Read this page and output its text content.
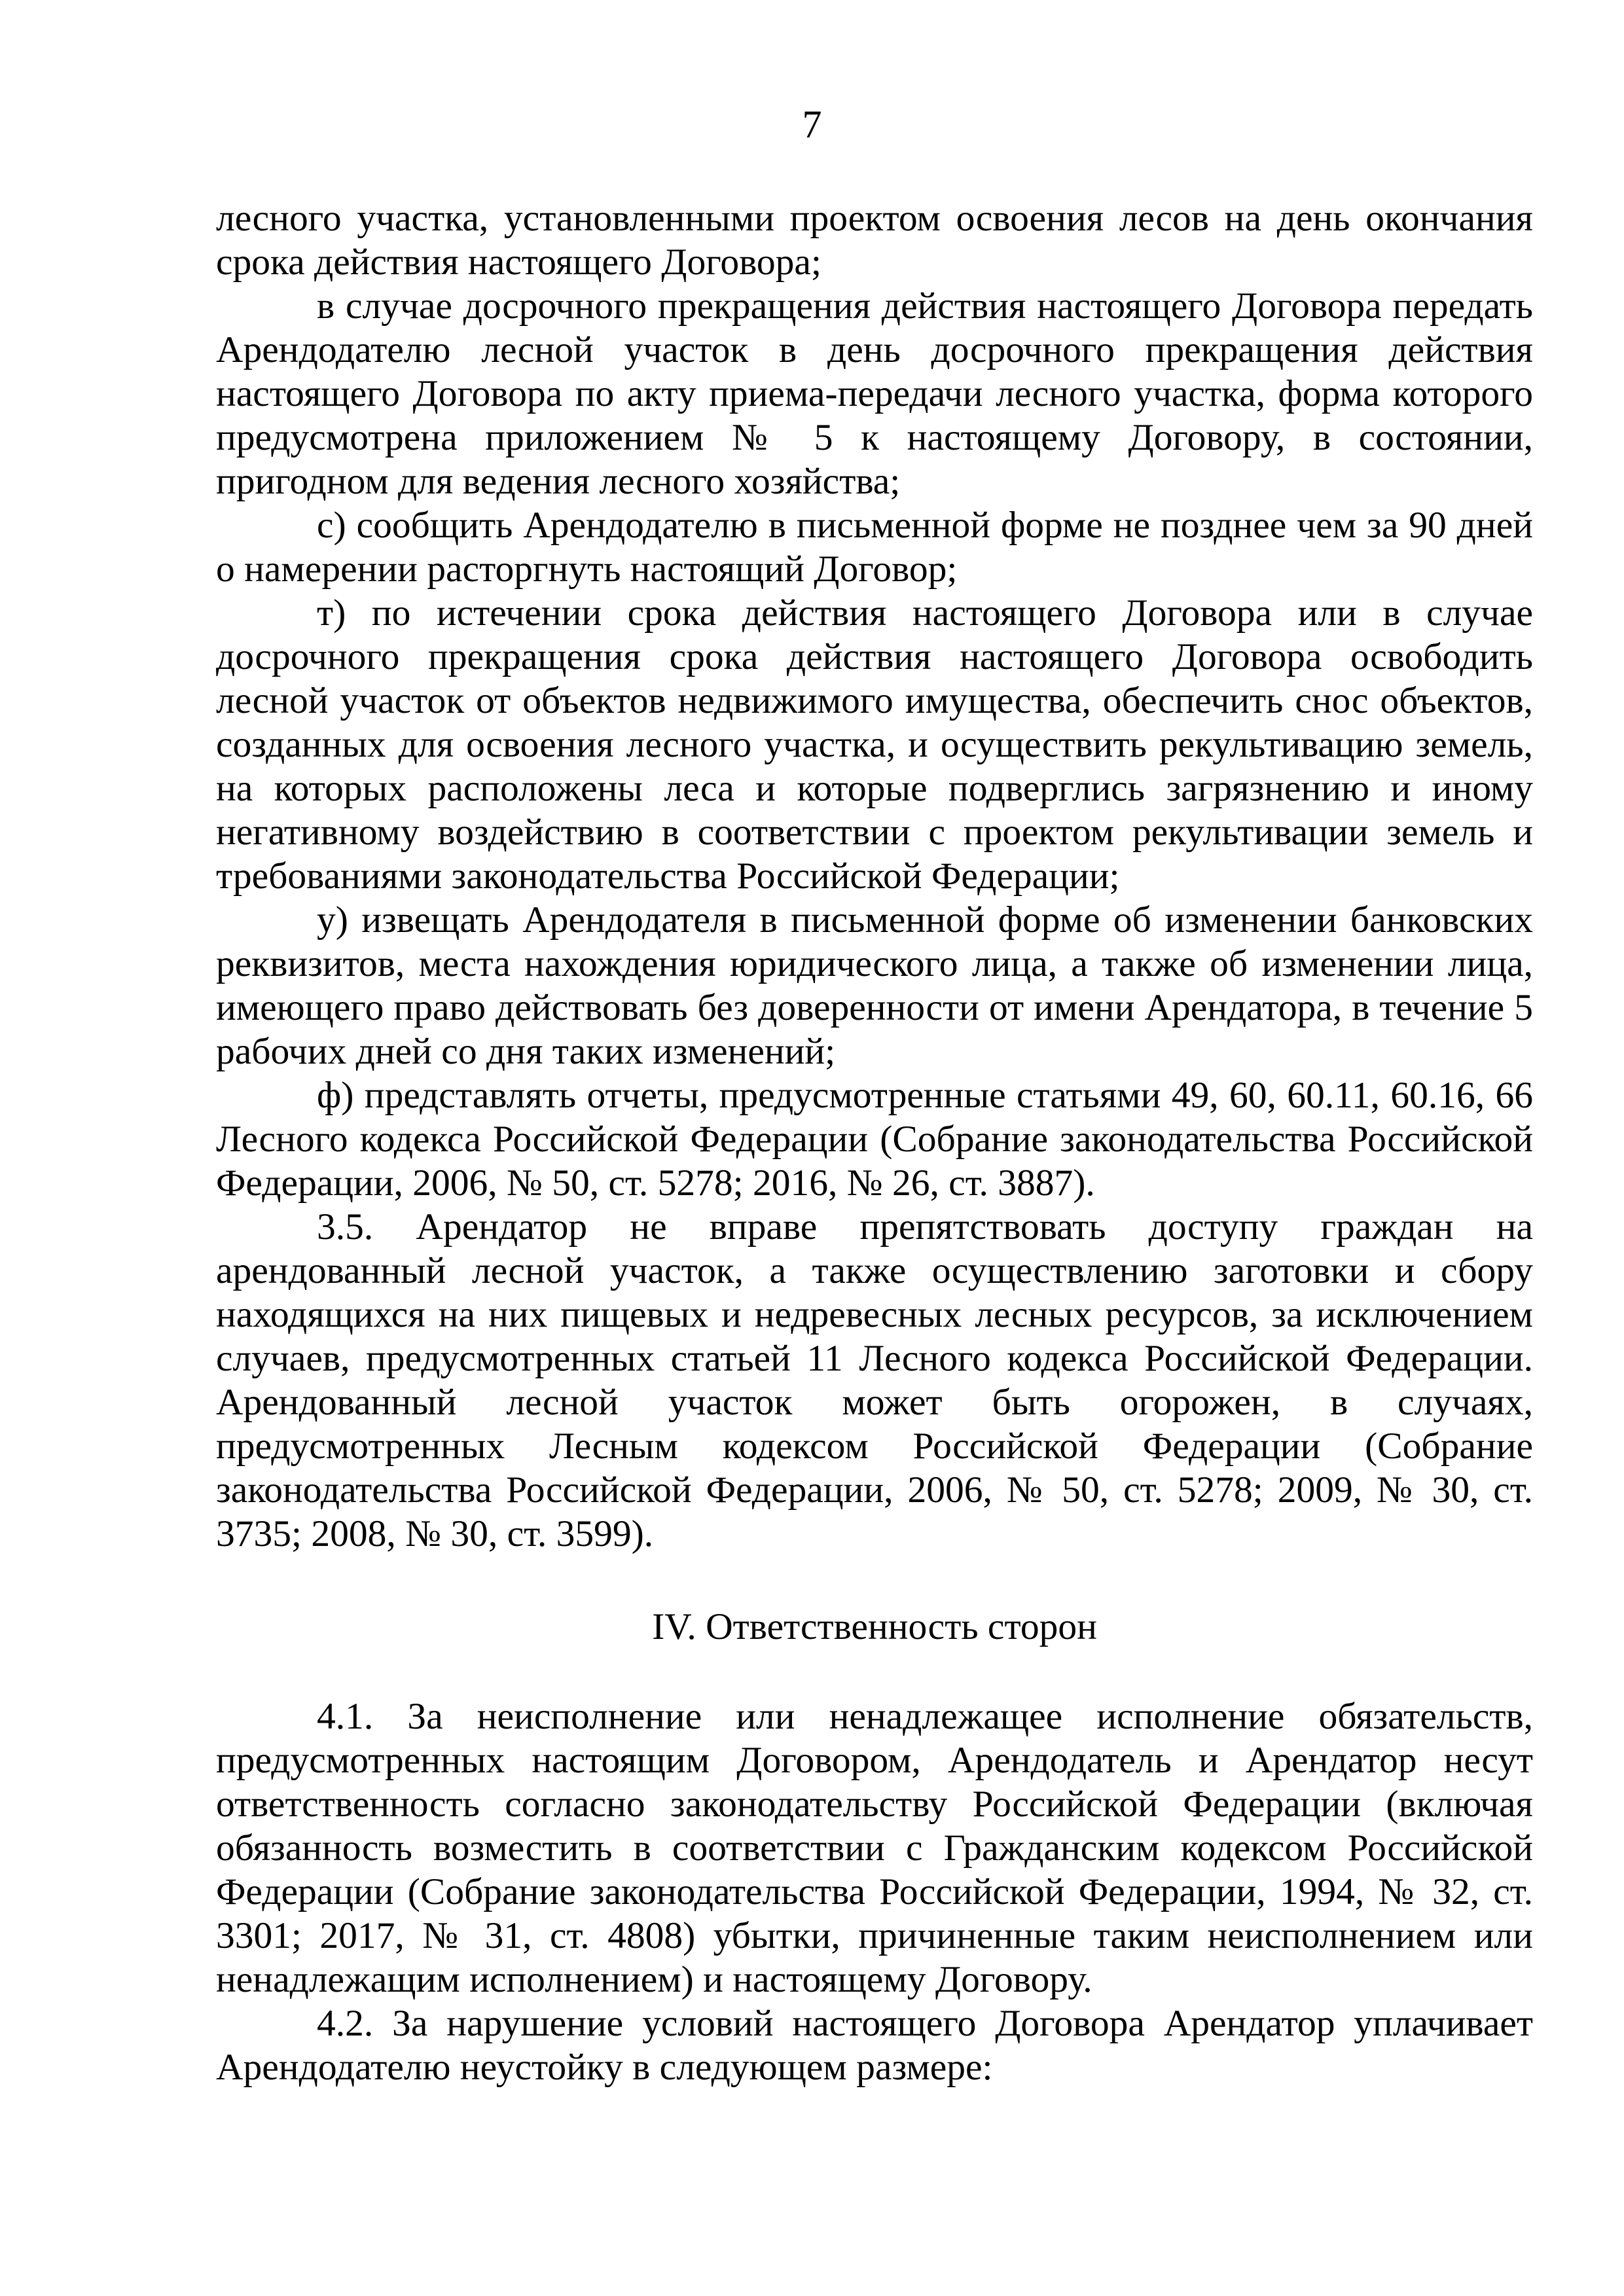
7

лесного участка, установленными проектом освоения лесов на день окончания срока действия настоящего Договора;

в случае досрочного прекращения действия настоящего Договора передать Арендодателю лесной участок в день досрочного прекращения действия настоящего Договора по акту приема-передачи лесного участка, форма которого предусмотрена приложением № 5 к настоящему Договору, в состоянии, пригодном для ведения лесного хозяйства;

с) сообщить Арендодателю в письменной форме не позднее чем за 90 дней о намерении расторгнуть настоящий Договор;

т) по истечении срока действия настоящего Договора или в случае досрочного прекращения срока действия настоящего Договора освободить лесной участок от объектов недвижимого имущества, обеспечить снос объектов, созданных для освоения лесного участка, и осуществить рекультивацию земель, на которых расположены леса и которые подверглись загрязнению и иному негативному воздействию в соответствии с проектом рекультивации земель и требованиями законодательства Российской Федерации;

у) извещать Арендодателя в письменной форме об изменении банковских реквизитов, места нахождения юридического лица, а также об изменении лица, имеющего право действовать без доверенности от имени Арендатора, в течение 5 рабочих дней со дня таких изменений;

ф) представлять отчеты, предусмотренные статьями 49, 60, 60.11, 60.16, 66 Лесного кодекса Российской Федерации (Собрание законодательства Российской Федерации, 2006, № 50, ст. 5278; 2016, № 26, ст. 3887).

3.5. Арендатор не вправе препятствовать доступу граждан на арендованный лесной участок, а также осуществлению заготовки и сбору находящихся на них пищевых и недревесных лесных ресурсов, за исключением случаев, предусмотренных статьей 11 Лесного кодекса Российской Федерации. Арендованный лесной участок может быть огорожен, в случаях, предусмотренных Лесным кодексом Российской Федерации (Собрание законодательства Российской Федерации, 2006, № 50, ст. 5278; 2009, № 30, ст. 3735; 2008, № 30, ст. 3599).

IV. Ответственность сторон

4.1. За неисполнение или ненадлежащее исполнение обязательств, предусмотренных настоящим Договором, Арендодатель и Арендатор несут ответственность согласно законодательству Российской Федерации (включая обязанность возместить в соответствии с Гражданским кодексом Российской Федерации (Собрание законодательства Российской Федерации, 1994, № 32, ст. 3301; 2017, № 31, ст. 4808) убытки, причиненные таким неисполнением или ненадлежащим исполнением) и настоящему Договору.

4.2. За нарушение условий настоящего Договора Арендатор уплачивает Арендодателю неустойку в следующем размере:
